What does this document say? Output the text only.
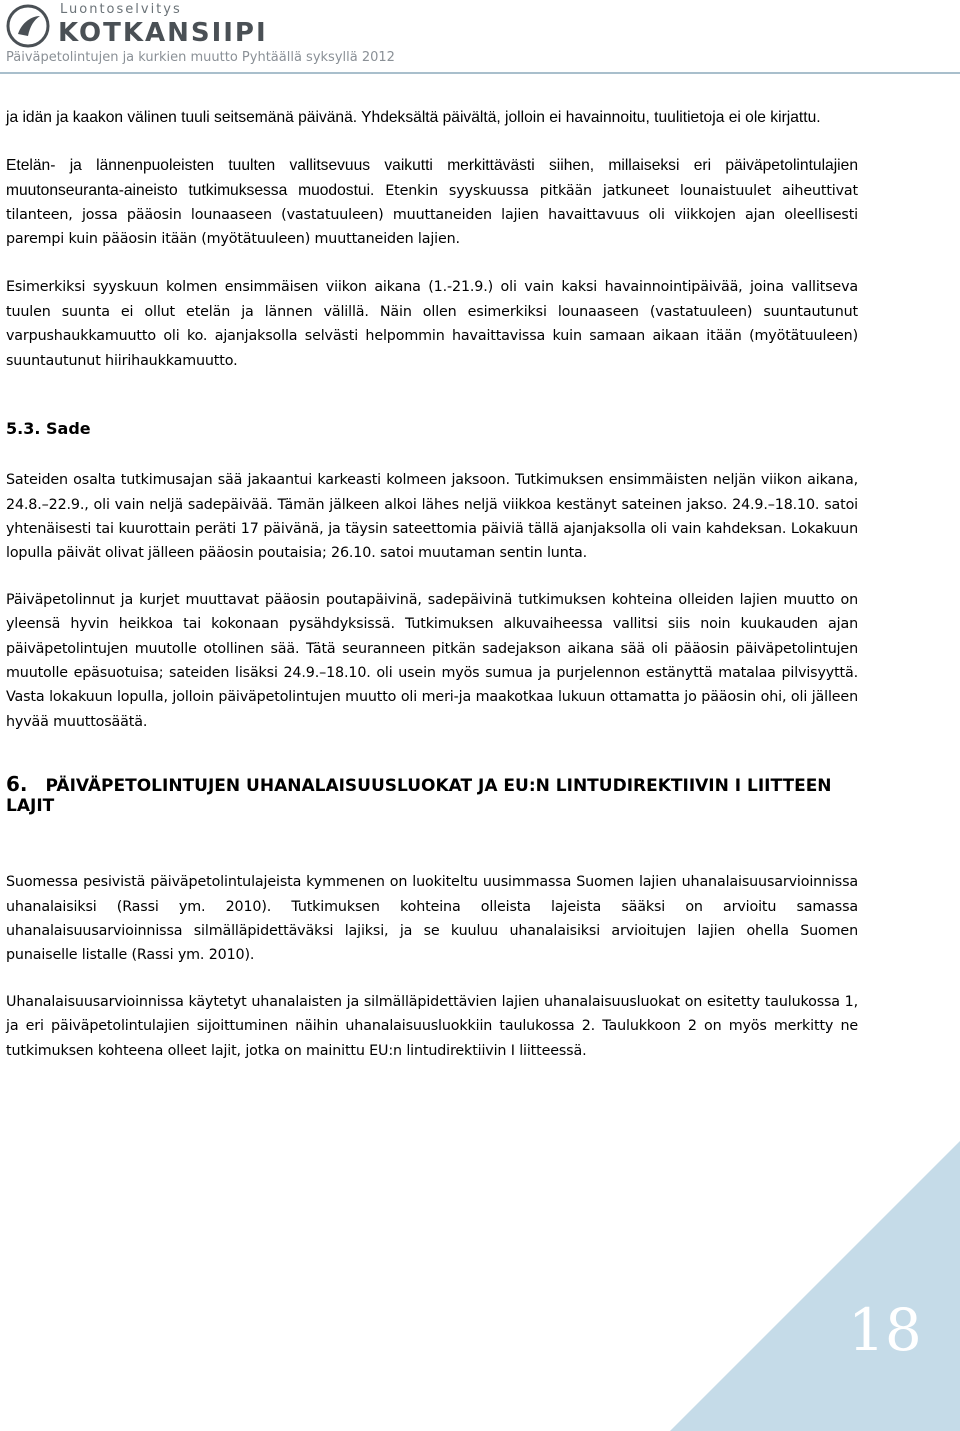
Luontoselvitys
KOTKANSIIPI
Päiväpetolintujen ja kurkien muutto Pyhtäällä syksyllä 2012

ja idän ja kaakon välinen tuuli seitsemänä päivänä. Yhdeksältä päivältä, jolloin ei havainnoitu, tuulitietoja ei ole kirjattu.

Etelän- ja lännenpuoleisten tuulten vallitsevuus vaikutti merkittävästi siihen, millaiseksi eri päiväpetolintulajien muutonseuranta-aineisto tutkimuksessa muodostui. Etenkin syyskuussa pitkään jatkuneet lounaistuulet aiheuttivat tilanteen, jossa pääosin lounaaseen (vastatuuleen) muuttaneiden lajien havaittavuus oli viikkojen ajan oleellisesti parempi kuin pääosin itään (myötätuuleen) muuttaneiden lajien.

Esimerkiksi syyskuun kolmen ensimmäisen viikon aikana (1.-21.9.) oli vain kaksi havainnointipäivää, joina vallitseva tuulen suunta ei ollut etelän ja lännen välillä. Näin ollen esimerkiksi lounaaseen (vastatuuleen) suuntautunut varpushaukkamuutto oli ko. ajanjaksolla selvästi helpommin havaittavissa kuin samaan aikaan itään (myötätuuleen) suuntautunut hiirihaukkamuutto.

5.3. Sade

Sateiden osalta tutkimusajan sää jakaantui karkeasti kolmeen jaksoon. Tutkimuksen ensimmäisten neljän viikon aikana, 24.8.–22.9., oli vain neljä sadepäivää. Tämän jälkeen alkoi lähes neljä viikkoa kestänyt sateinen jakso. 24.9.–18.10. satoi yhtenäisesti tai kuurottain peräti 17 päivänä, ja täysin sateettomia päiviä tällä ajanjaksolla oli vain kahdeksan. Lokakuun lopulla päivät olivat jälleen pääosin poutaisia; 26.10. satoi muutaman sentin lunta.

Päiväpetolinnut ja kurjet muuttavat pääosin poutapäivinä, sadepäivinä tutkimuksen kohteina olleiden lajien muutto on yleensä hyvin heikkoa tai kokonaan pysähdyksissä. Tutkimuksen alkuvaiheessa vallitsi siis noin kuukauden ajan päiväpetolintujen muutolle otollinen sää. Tätä seuranneen pitkän sadejakson aikana sää oli pääosin päiväpetolintujen muutolle epäsuotuisa; sateiden lisäksi 24.9.–18.10. oli usein myös sumua ja purjelennon estänyttä matalaa pilvisyyttä. Vasta lokakuun lopulla, jolloin päiväpetolintujen muutto oli meri-ja maakotkaa lukuun ottamatta jo pääosin ohi, oli jälleen hyvää muuttosäätä.

6. PÄIVÄPETOLINTUJEN UHANALAISUUSLUOKAT JA EU:N LINTUDIREKTIIVIN I LIITTEEN LAJIT

Suomessa pesivistä päiväpetolintulajeista kymmenen on luokiteltu uusimmassa Suomen lajien uhanalaisuusarvioinnissa uhanalaisiksi (Rassi ym. 2010). Tutkimuksen kohteina olleista lajeista sääksi on arvioitu samassa uhanalaisuusarvioinnissa silmälläpidettäväksi lajiksi, ja se kuuluu uhanalaisiksi arvioitujen lajien ohella Suomen punaiselle listalle (Rassi ym. 2010).

Uhanalaisuusarvioinnissa käytetyt uhanalaisten ja silmälläpidettävien lajien uhanalaisuusluokat on esitetty taulukossa 1, ja eri päiväpetolintulajien sijoittuminen näihin uhanalaisuusluokkiin taulukossa 2. Taulukkoon 2 on myös merkitty ne tutkimuksen kohteena olleet lajit, jotka on mainittu EU:n lintudirektiivin I liitteessä.

18
